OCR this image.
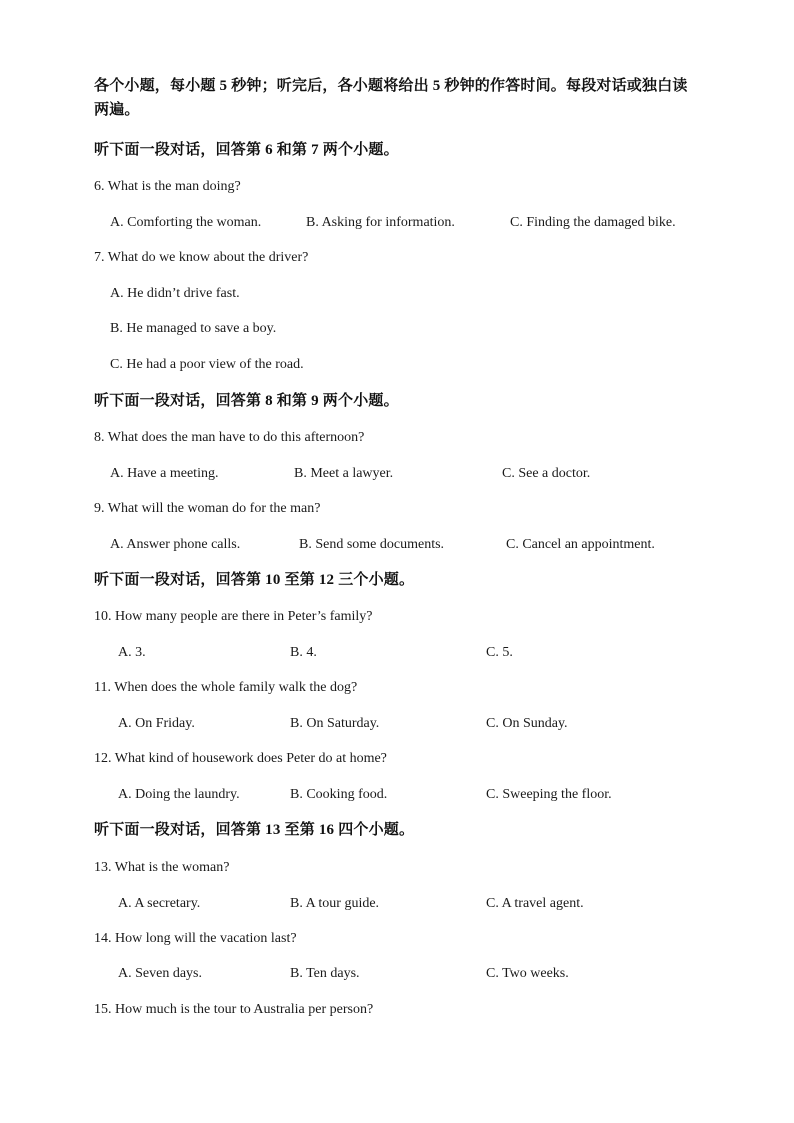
各个小题，每小题 5 秒钟；听完后，各小题将给出 5 秒钟的作答时间。每段对话或独白读
两遍。
听下面一段对话，回答第 6 和第 7 两个小题。
6. What is the man doing?
A. Comforting the woman.	B. Asking for information.	C. Finding the damaged bike.
7. What do we know about the driver?
A. He didn’t drive fast.
B. He managed to save a boy.
C. He had a poor view of the road.
听下面一段对话，回答第 8 和第 9 两个小题。
8. What does the man have to do this afternoon?
A. Have a meeting.	B. Meet a lawyer.	C. See a doctor.
9. What will the woman do for the man?
A. Answer phone calls.	B. Send some documents.	C. Cancel an appointment.
听下面一段对话，回答第 10 至第 12 三个小题。
10. How many people are there in Peter’s family?
A. 3.	B. 4.	C. 5.
11. When does the whole family walk the dog?
A. On Friday.	B. On Saturday.	C. On Sunday.
12. What kind of housework does Peter do at home?
A. Doing the laundry.	B. Cooking food.	C. Sweeping the floor.
听下面一段对话，回答第 13 至第 16 四个小题。
13. What is the woman?
A. A secretary.	B. A tour guide.	C. A travel agent.
14. How long will the vacation last?
A. Seven days.	B. Ten days.	C. Two weeks.
15. How much is the tour to Australia per person?
